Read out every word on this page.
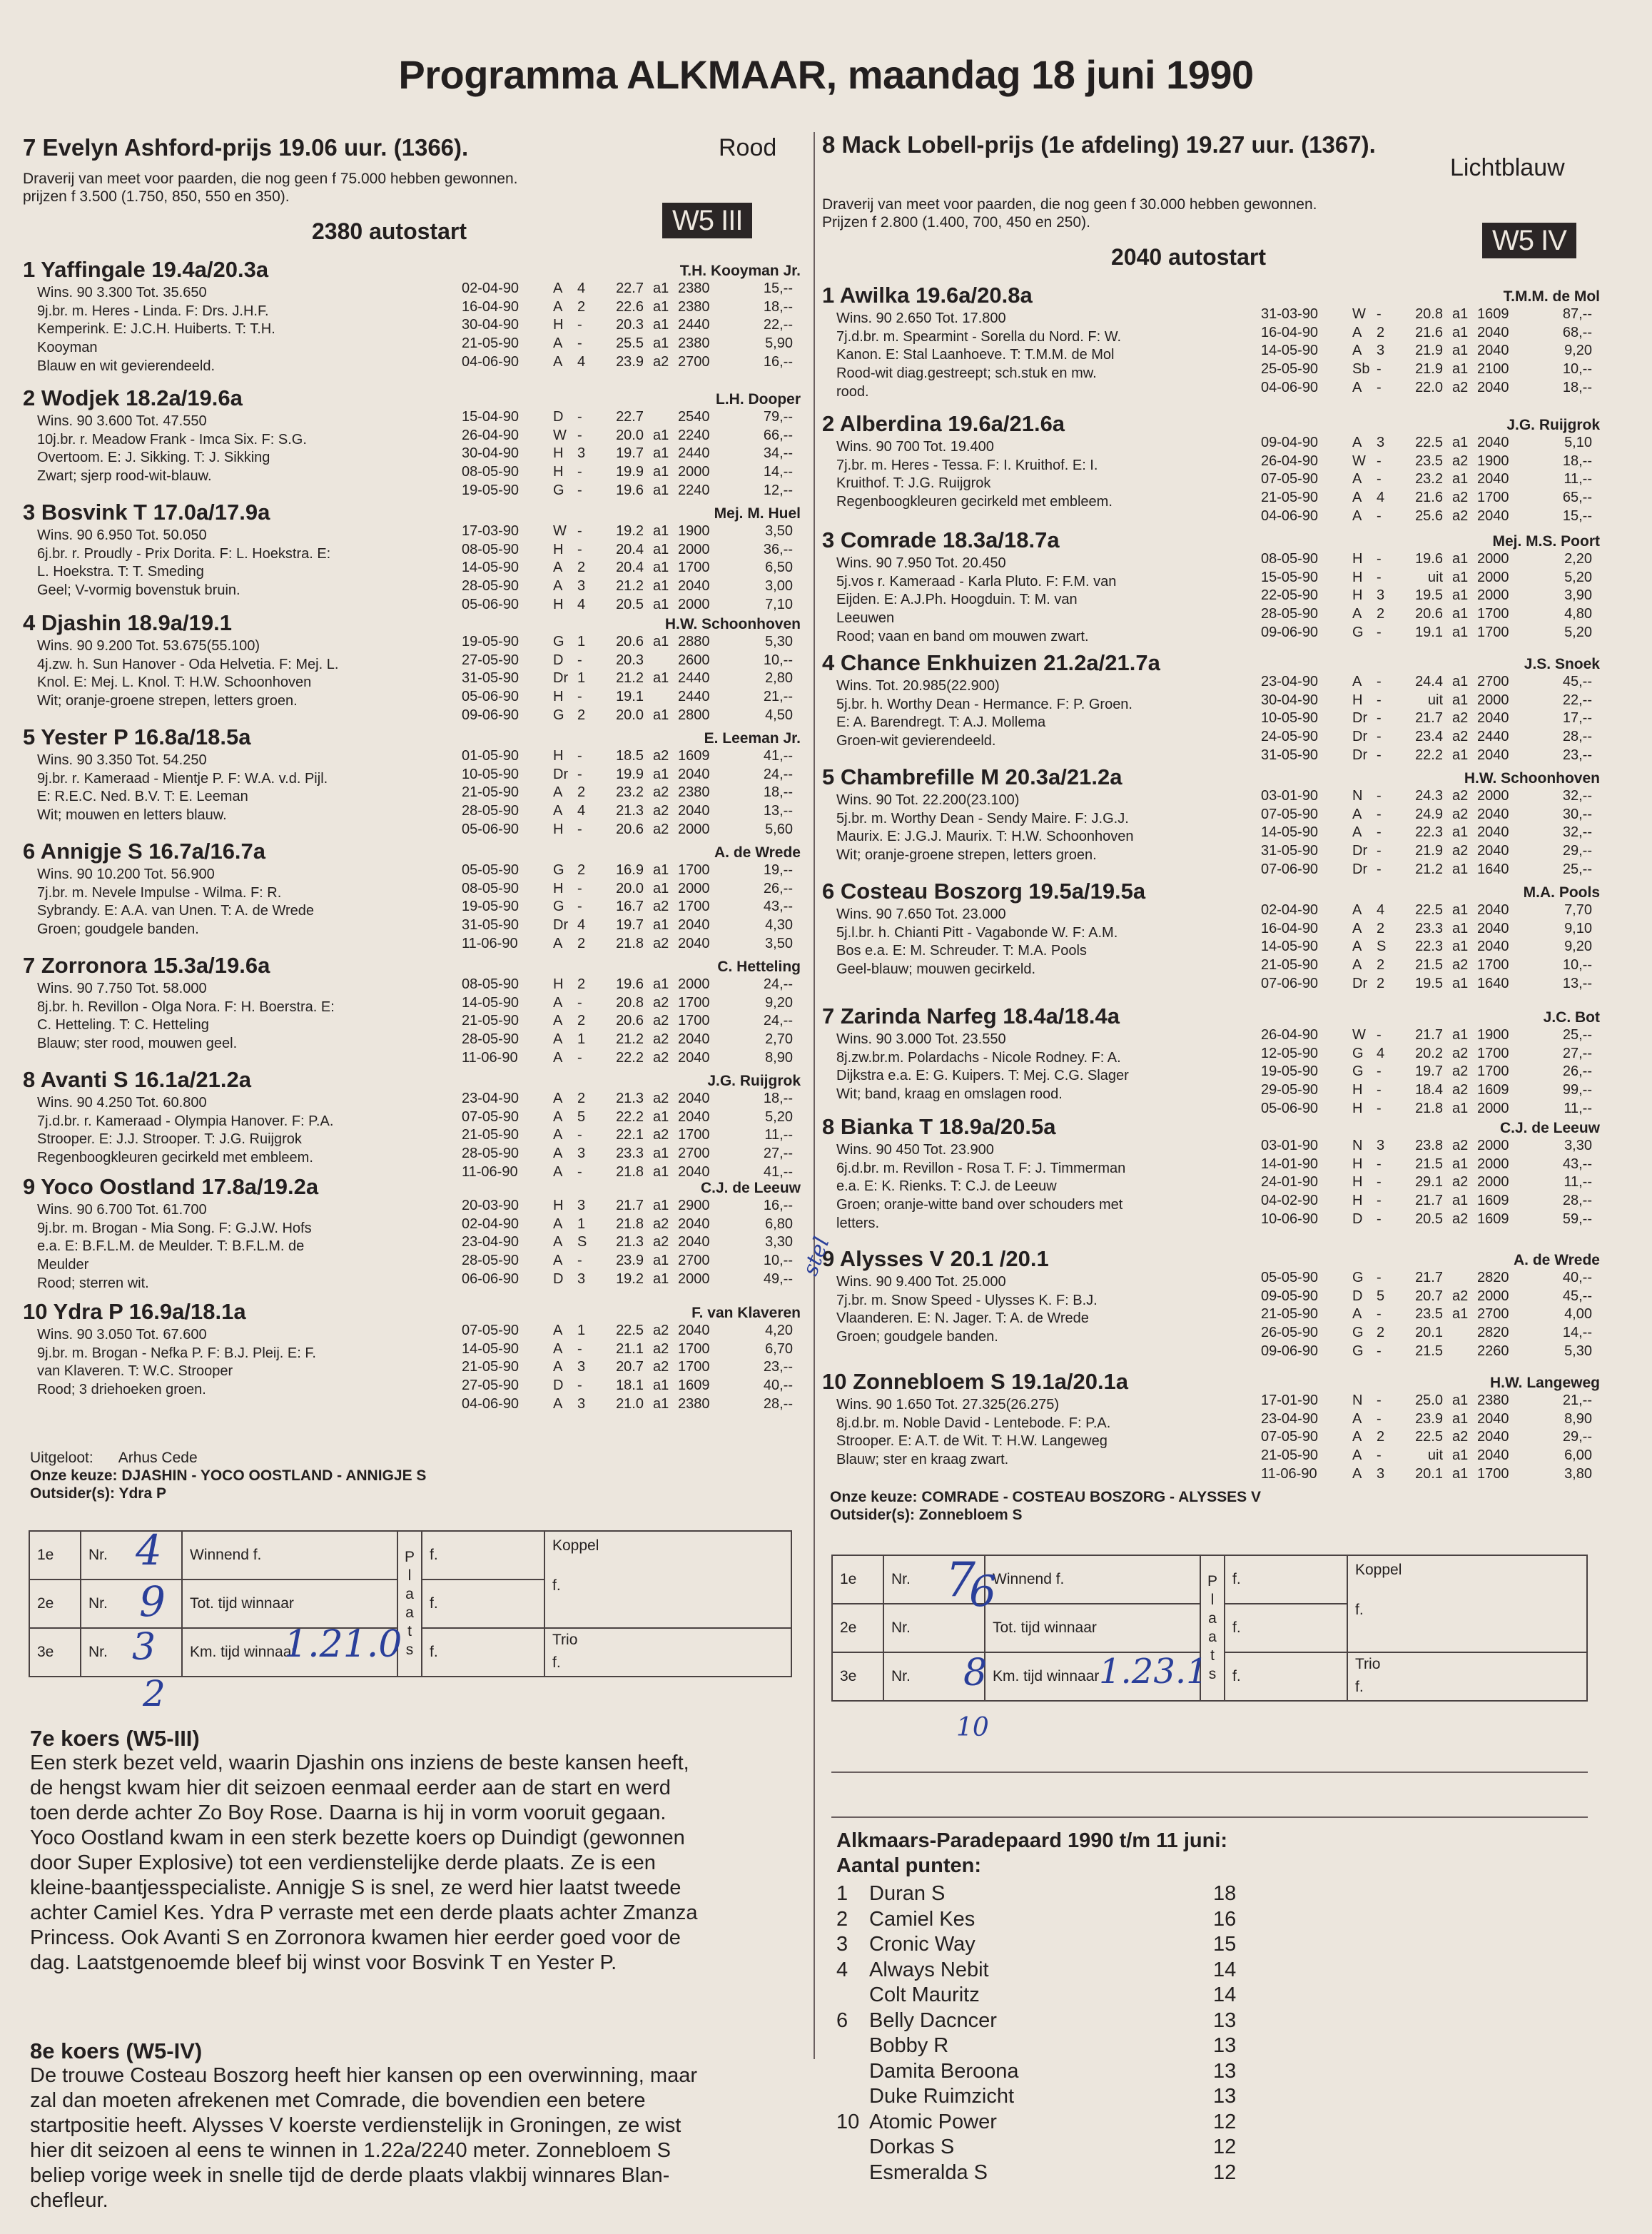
Programma ALKMAAR, maandag 18 juni 1990
7 Evelyn Ashford-prijs 19.06 uur. (1366).	Rood
Draverij van meet voor paarden, die nog geen f 75.000 hebben gewonnen.
prijzen f 3.500 (1.750, 850, 550 en 350).
2380 autostart	W5 III
1 Yaffingale 19.4a/20.3a	T.H. Kooyman Jr.
Wins. 90 3.300 Tot. 35.650
9j.br. m. Heres - Linda. F: Drs. J.H.F.
Kemperink. E: J.C.H. Huiberts. T: T.H.
Kooyman
Blauw en wit gevierendeeld.
02-04-90 A 4	22.7 a1 2380	15,--
16-04-90 A 2	22.6 a1 2380	18,--
30-04-90 H -	20.3 a1 2440	22,--
21-05-90 A -	25.5 a1 2380	5,90
04-06-90 A 4	23.9 a2 2700	16,--
2 Wodjek 18.2a/19.6a	L.H. Dooper
Wins. 90 3.600 Tot. 47.550
10j.br. r. Meadow Frank - Imca Six. F: S.G.
Overtoom. E: J. Sikking. T: J. Sikking
Zwart; sjerp rood-wit-blauw.
15-04-90 D -	22.7 2540	79,--
26-04-90 W -	20.0 a1 2240	66,--
30-04-90 H 3	19.7 a1 2440	34,--
08-05-90 H -	19.9 a1 2000	14,--
19-05-90 G -	19.6 a1 2240	12,--
3 Bosvink T 17.0a/17.9a	Mej. M. Huel
Wins. 90 6.950 Tot. 50.050
6j.br. r. Proudly - Prix Dorita. F: L. Hoekstra. E:
L. Hoekstra. T: T. Smeding
Geel; V-vormig bovenstuk bruin.
17-03-90 W -	19.2 a1 1900	3,50
08-05-90 H -	20.4 a1 2000	36,--
14-05-90 A 2	20.4 a1 1700	6,50
28-05-90 A 3	21.2 a1 2040	3,00
05-06-90 H 4	20.5 a1 2000	7,10
4 Djashin 18.9a/19.1	H.W. Schoonhoven
Wins. 90 9.200 Tot. 53.675(55.100)
4j.zw. h. Sun Hanover - Oda Helvetia. F: Mej. L.
Knol. E: Mej. L. Knol. T: H.W. Schoonhoven
Wit; oranje-groene strepen, letters groen.
19-05-90 G 1	20.6 a1 2880	5,30
27-05-90 D -	20.3 2600	10,--
31-05-90 Dr 1	21.2 a1 2440	2,80
05-06-90 H -	19.1 2440	21,--
09-06-90 G 2	20.0 a1 2800	4,50
5 Yester P 16.8a/18.5a	E. Leeman Jr.
Wins. 90 3.350 Tot. 54.250
9j.br. r. Kameraad - Mientje P. F: W.A. v.d. Pijl.
E: R.E.C. Ned. B.V. T: E. Leeman
Wit; mouwen en letters blauw.
01-05-90 H -	18.5 a2 1609	41,--
10-05-90 Dr -	19.9 a1 2040	24,--
21-05-90 A 2	23.2 a2 2380	18,--
28-05-90 A 4	21.3 a2 2040	13,--
05-06-90 H -	20.6 a2 2000	5,60
6 Annigje S 16.7a/16.7a	A. de Wrede
Wins. 90 10.200 Tot. 56.900
7j.br. m. Nevele Impulse - Wilma. F: R.
Sybrandy. E: A.A. van Unen. T: A. de Wrede
Groen; goudgele banden.
05-05-90 G 2	16.9 a1 1700	19,--
08-05-90 H -	20.0 a1 2000	26,--
19-05-90 G -	16.7 a2 1700	43,--
31-05-90 Dr 4	19.7 a1 2040	4,30
11-06-90 A 2	21.8 a2 2040	3,50
7 Zorronora 15.3a/19.6a	C. Hetteling
Wins. 90 7.750 Tot. 58.000
8j.br. h. Revillon - Olga Nora. F: H. Boerstra. E:
C. Hetteling. T: C. Hetteling
Blauw; ster rood, mouwen geel.
08-05-90 H 2	19.6 a1 2000	24,--
14-05-90 A -	20.8 a2 1700	9,20
21-05-90 A 2	20.6 a2 1700	24,--
28-05-90 A 1	21.2 a2 2040	2,70
11-06-90 A -	22.2 a2 2040	8,90
8 Avanti S 16.1a/21.2a	J.G. Ruijgrok
Wins. 90 4.250 Tot. 60.800
7j.d.br. r. Kameraad - Olympia Hanover. F: P.A.
Strooper. E: J.J. Strooper. T: J.G. Ruijgrok
Regenboogkleuren gecirkeld met embleem.
23-04-90 A 2	21.3 a2 2040	18,--
07-05-90 A 5	22.2 a1 2040	5,20
21-05-90 A -	22.1 a2 1700	11,--
28-05-90 A 3	23.3 a1 2700	27,--
11-06-90 A -	21.8 a1 2040	41,--
9 Yoco Oostland 17.8a/19.2a	C.J. de Leeuw
Wins. 90 6.700 Tot. 61.700
9j.br. m. Brogan - Mia Song. F: G.J.W. Hofs
e.a. E: B.F.L.M. de Meulder. T: B.F.L.M. de
Meulder
Rood; sterren wit.
20-03-90 H 3	21.7 a1 2900	16,--
02-04-90 A 1	21.8 a2 2040	6,80
23-04-90 A S	21.3 a2 2040	3,30
28-05-90 A -	23.9 a1 2700	10,--
06-06-90 D 3	19.2 a1 2000	49,--
10 Ydra P 16.9a/18.1a	F. van Klaveren
Wins. 90 3.050 Tot. 67.600
9j.br. m. Brogan - Nefka P. F: B.J. Pleij. E: F.
van Klaveren. T: W.C. Strooper
Rood; 3 driehoeken groen.
07-05-90 A 1	22.5 a2 2040	4,20
14-05-90 A -	21.1 a2 1700	6,70
21-05-90 A 3	20.7 a2 1700	23,--
27-05-90 D -	18.1 a1 1609	40,--
04-06-90 A 3	21.0 a1 2380	28,--
8 Mack Lobell-prijs (1e afdeling) 19.27 uur. (1367).
Lichtblauw
Draverij van meet voor paarden, die nog geen f 30.000 hebben gewonnen.
Prijzen f 2.800 (1.400, 700, 450 en 250).
2040 autostart
W5 IV
1 Awilka 19.6a/20.8a	T.M.M. de Mol
Wins. 90 2.650 Tot. 17.800
7j.d.br. m. Spearmint - Sorella du Nord. F: W.
Kanon. E: Stal Laanhoeve. T: T.M.M. de Mol
Rood-wit diag.gestreept; sch.stuk en mw.
rood.
31-03-90 W -	20.8 a1 1609	87,--
16-04-90 A 2	21.6 a1 2040	68,--
14-05-90 A 3	21.9 a1 2040	9,20
25-05-90 Sb -	21.9 a1 2100	10,--
04-06-90 A -	22.0 a2 2040	18,--
2 Alberdina 19.6a/21.6a	J.G. Ruijgrok
Wins. 90 700 Tot. 19.400
7j.br. m. Heres - Tessa. F: I. Kruithof. E: I.
Kruithof. T: J.G. Ruijgrok
Regenboogkleuren gecirkeld met embleem.
09-04-90 A 3	22.5 a1 2040	5,10
26-04-90 W -	23.5 a2 1900	18,--
07-05-90 A -	23.2 a1 2040	11,--
21-05-90 A 4	21.6 a2 1700	65,--
04-06-90 A -	25.6 a2 2040	15,--
3 Comrade 18.3a/18.7a	Mej. M.S. Poort
Wins. 90 7.950 Tot. 20.450
5j.vos r. Kameraad - Karla Pluto. F: F.M. van
Eijden. E: A.J.Ph. Hoogduin. T: M. van
Leeuwen
Rood; vaan en band om mouwen zwart.
08-05-90 H -	19.6 a1 2000	2,20
15-05-90 H -	uit a1 2000	5,20
22-05-90 H 3	19.5 a1 2000	3,90
28-05-90 A 2	20.6 a1 1700	4,80
09-06-90 G -	19.1 a1 1700	5,20
4 Chance Enkhuizen 21.2a/21.7a	J.S. Snoek
Wins. Tot. 20.985(22.900)
5j.br. h. Worthy Dean - Hermance. F: P. Groen.
E: A. Barendregt. T: A.J. Mollema
Groen-wit gevierendeeld.
23-04-90 A -	24.4 a1 2700	45,--
30-04-90 H -	uit a1 2000	22,--
10-05-90 Dr -	21.7 a2 2040	17,--
24-05-90 Dr -	23.4 a2 2440	28,--
31-05-90 Dr -	22.2 a1 2040	23,--
5 Chambrefille M 20.3a/21.2a	H.W. Schoonhoven
Wins. 90 Tot. 22.200(23.100)
5j.br. m. Worthy Dean - Sendy Maire. F: J.G.J.
Maurix. E: J.G.J. Maurix. T: H.W. Schoonhoven
Wit; oranje-groene strepen, letters groen.
03-01-90 N -	24.3 a2 2000	32,--
07-05-90 A -	24.9 a2 2040	30,--
14-05-90 A -	22.3 a1 2040	32,--
31-05-90 Dr -	21.9 a2 2040	29,--
07-06-90 Dr -	21.2 a1 1640	25,--
6 Costeau Boszorg 19.5a/19.5a	M.A. Pools
Wins. 90 7.650 Tot. 23.000
5j.l.br. h. Chianti Pitt - Vagabonde W. F: A.M.
Bos e.a. E: M. Schreuder. T: M.A. Pools
Geel-blauw; mouwen gecirkeld.
02-04-90 A 4	22.5 a1 2040	7,70
16-04-90 A 2	23.3 a1 2040	9,10
14-05-90 A S	22.3 a1 2040	9,20
21-05-90 A 2	21.5 a2 1700	10,--
07-06-90 Dr 2	19.5 a1 1640	13,--
7 Zarinda Narfeg 18.4a/18.4a	J.C. Bot
Wins. 90 3.000 Tot. 23.550
8j.zw.br.m. Polardachs - Nicole Rodney. F: A.
Dijkstra e.a. E: G. Kuipers. T: Mej. C.G. Slager
Wit; band, kraag en omslagen rood.
26-04-90 W -	21.7 a1 1900	25,--
12-05-90 G 4	20.2 a2 1700	27,--
19-05-90 G -	19.7 a2 1700	26,--
29-05-90 H -	18.4 a2 1609	99,--
05-06-90 H -	21.8 a1 2000	11,--
8 Bianka T 18.9a/20.5a	C.J. de Leeuw
Wins. 90 450 Tot. 23.900
6j.d.br. m. Revillon - Rosa T. F: J. Timmerman
e.a. E: K. Rienks. T: C.J. de Leeuw
Groen; oranje-witte band over schouders met
letters.
03-01-90 N 3	23.8 a2 2000	3,30
14-01-90 H -	21.5 a1 2000	43,--
24-01-90 H -	29.1 a2 2000	11,--
04-02-90 H -	21.7 a1 1609	28,--
10-06-90 D -	20.5 a2 1609	59,--
9 Alysses V 20.1 /20.1	A. de Wrede
Wins. 90 9.400 Tot. 25.000
7j.br. m. Snow Speed - Ulysses K. F: B.J.
Vlaanderen. E: N. Jager. T: A. de Wrede
Groen; goudgele banden.
05-05-90 G -	21.7 2820	40,--
09-05-90 D 5	20.7 a2 2000	45,--
21-05-90 A -	23.5 a1 2700	4,00
26-05-90 G 2	20.1 2820	14,--
09-06-90 G -	21.5 2260	5,30
10 Zonnebloem S 19.1a/20.1a	H.W. Langeweg
Wins. 90 1.650 Tot. 27.325(26.275)
8j.d.br. m. Noble David - Lentebode. F: P.A.
Strooper. E: A.T. de Wit. T: H.W. Langeweg
Blauw; ster en kraag zwart.
17-01-90 N -	25.0 a1 2380	21,--
23-04-90 A -	23.9 a1 2040	8,90
07-05-90 A 2	22.5 a2 2040	29,--
21-05-90 A -	uit a1 2040	6,00
11-06-90 A 3	20.1 a1 1700	3,80
Uitgeloot: Arhus Cede
Onze keuze: DJASHIN - YOCO OOSTLAND - ANNIGJE S
Outsider(s): Ydra P	Onze keuze: COMRADE - COSTEAU BOSZORG - ALYSSES V
Outsider(s): Zonnebloem S
1e	Nr.	Winnend f.	Plaats	f.	Koppel
f.

2e	Nr.	Tot. tijd winnaar		f.	
3e	Nr.	Km. tijd winnaar		f.	Trio
f.
1e	Nr.	Winnend f.	Plaats	f.	Koppel
f.

2e	Nr.	Tot. tijd winnaar		f.	
3e	Nr.	Km. tijd winnaar		f.	Trio
f.
4
9
3	1.21.0
2
7
6
8	1.23.1
10
stel
7e koers (W5-III)
Een sterk bezet veld, waarin Djashin ons inziens de beste kansen heeft,
de hengst kwam hier dit seizoen eenmaal eerder aan de start en werd
toen derde achter Zo Boy Rose. Daarna is hij in vorm vooruit gegaan.
Yoco Oostland kwam in een sterk bezette koers op Duindigt (gewonnen
door Super Explosive) tot een verdienstelijke derde plaats. Ze is een
kleine-baantjesspecialiste. Annigje S is snel, ze werd hier laatst tweede
achter Camiel Kes. Ydra P verraste met een derde plaats achter Zmanza
Princess. Ook Avanti S en Zorronora kwamen hier eerder goed voor de
dag. Laatstgenoemde bleef bij winst voor Bosvink T en Yester P.
8e koers (W5-IV)
De trouwe Costeau Boszorg heeft hier kansen op een overwinning, maar
zal dan moeten afrekenen met Comrade, die bovendien een betere
startpositie heeft. Alysses V koerste verdienstelijk in Groningen, ze wist
hier dit seizoen al eens te winnen in 1.22a/2240 meter. Zonnebloem S
beliep vorige week in snelle tijd de derde plaats vlakbij winnares Blan-
chefleur.
Alkmaars-Paradepaard 1990 t/m 11 juni:
Aantal punten:
1 Duran S	18
2 Camiel Kes	16
3 Cronic Way	15
4 Always Nebit	14
Colt Mauritz	14
6 Belly Dacncer	13
Bobby R	13
Damita Beroona	13
Duke Ruimzicht	13
10 Atomic Power	12
Dorkas S	12
Esmeralda S	12
